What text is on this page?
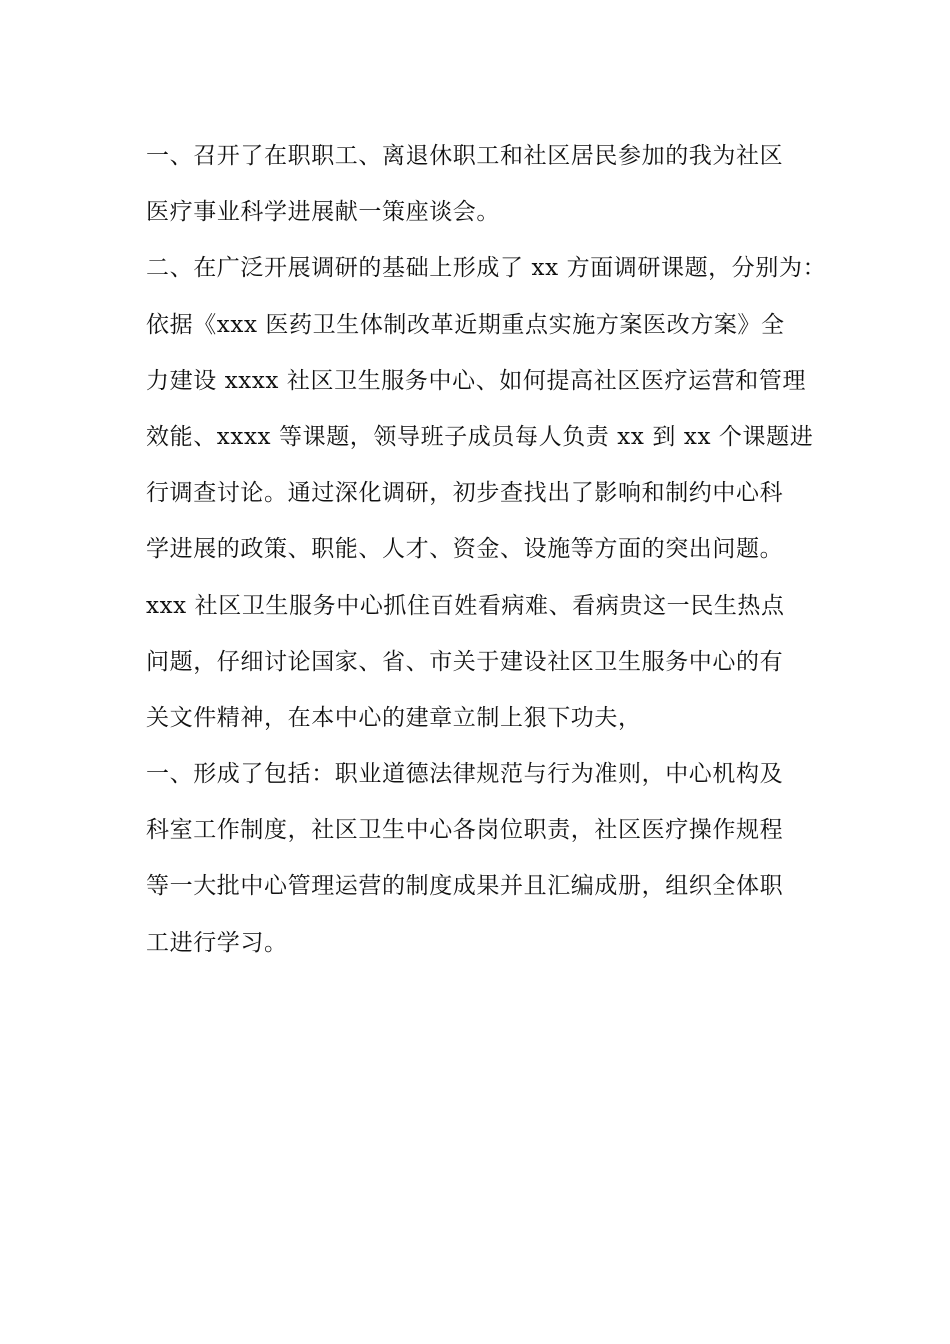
一、召开了在职职工、离退休职工和社区居民参加的我为社区
医疗事业科学进展献一策座谈会。
二、在广泛开展调研的基础上形成了 xx 方面调研课题，分别为：
依据《xxx 医药卫生体制改革近期重点实施方案医改方案》全
力建设 xxxx 社区卫生服务中心、如何提高社区医疗运营和管理
效能、xxxx 等课题，领导班子成员每人负责 xx 到 xx 个课题进
行调查讨论。通过深化调研，初步查找出了影响和制约中心科
学进展的政策、职能、人才、资金、设施等方面的突出问题。
xxx 社区卫生服务中心抓住百姓看病难、看病贵这一民生热点
问题，仔细讨论国家、省、市关于建设社区卫生服务中心的有
关文件精神，在本中心的建章立制上狠下功夫，
一、形成了包括：职业道德法律规范与行为准则，中心机构及
科室工作制度，社区卫生中心各岗位职责，社区医疗操作规程
等一大批中心管理运营的制度成果并且汇编成册，组织全体职
工进行学习。
